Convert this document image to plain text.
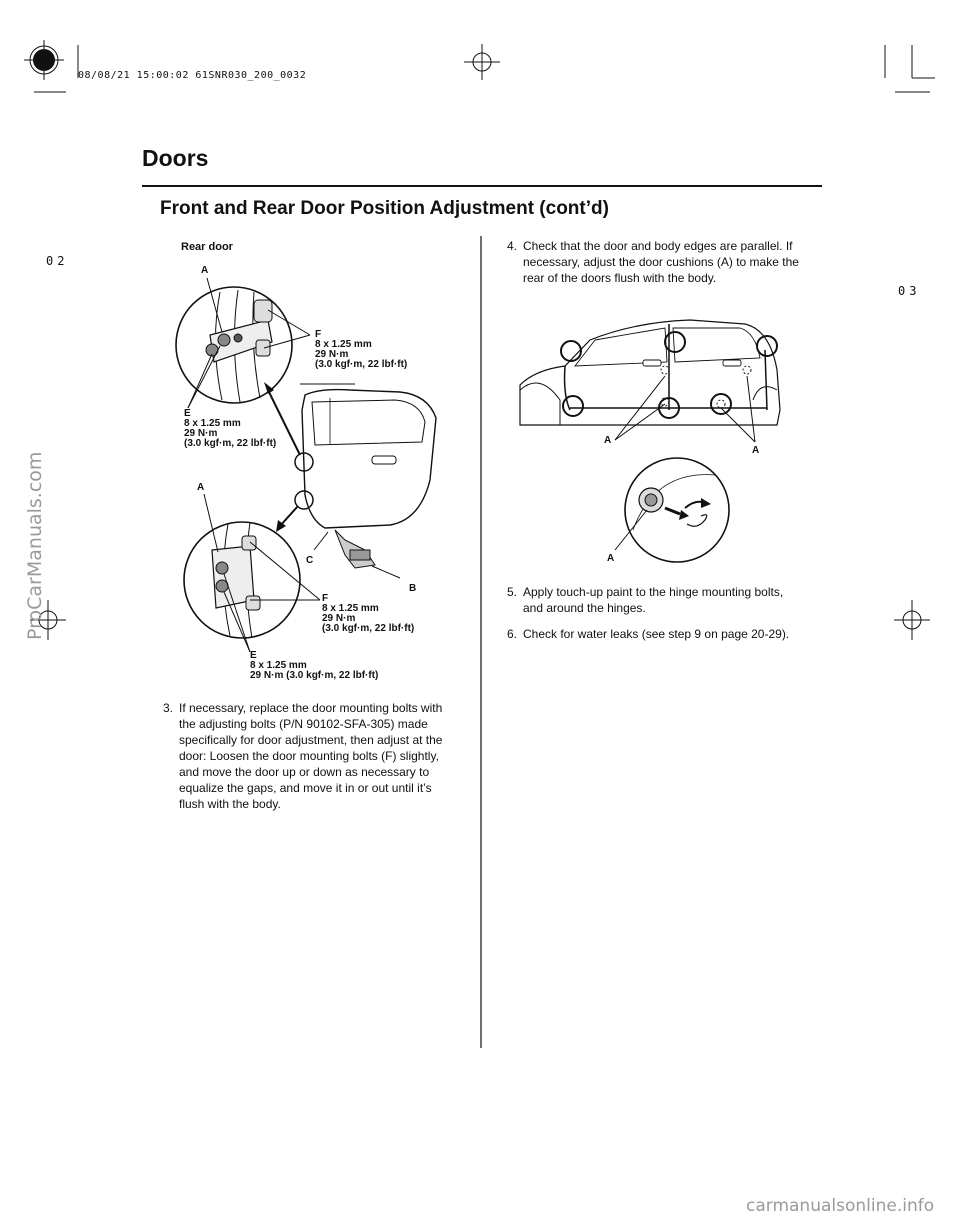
08/08/21 15:00:02 61SNR030_200_0032
Doors
Front and Rear Door Position Adjustment (cont’d)
02
03
Rear door
A
F
8 x 1.25 mm
29 N·m
(3.0 kgf·m, 22 lbf·ft)
E
8 x 1.25 mm
29 N·m
(3.0 kgf·m, 22 lbf·ft)
A
C
B
F
8 x 1.25 mm
29 N·m
(3.0 kgf·m, 22 lbf·ft)
E
8 x 1.25 mm
29 N·m (3.0 kgf·m, 22 lbf·ft)
A
A
A
3. If necessary, replace the door mounting bolts with
the adjusting bolts (P/N 90102-SFA-305) made
specifically for door adjustment, then adjust at the
door: Loosen the door mounting bolts (F) slightly,
and move the door up or down as necessary to
equalize the gaps, and move it in or out until it’s
flush with the body.
4. Check that the door and body edges are parallel. If
necessary, adjust the door cushions (A) to make the
rear of the doors flush with the body.
5. Apply touch-up paint to the hinge mounting bolts,
and around the hinges.
6. Check for water leaks (see step 9 on page 20-29).
ProCarManuals.com
carmanualsonline.info
